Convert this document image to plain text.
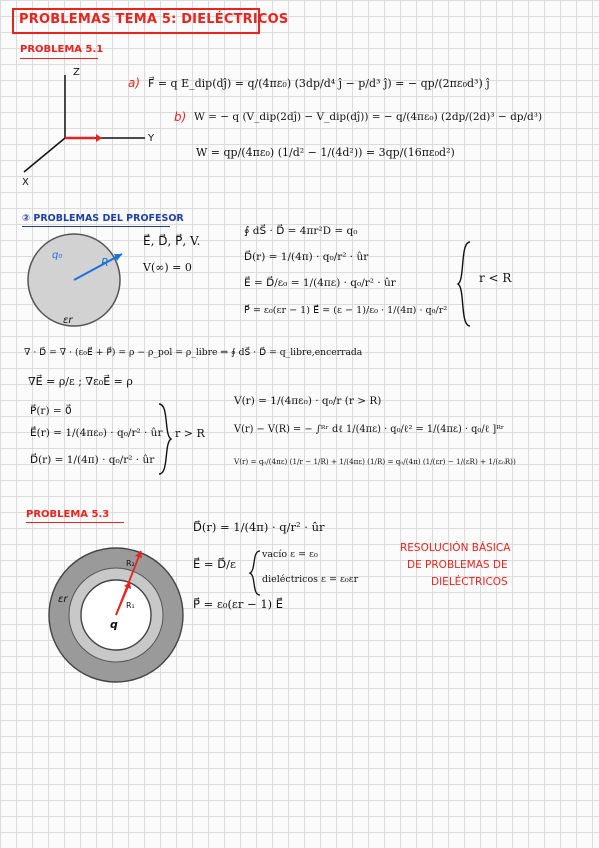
PROBLEMAS TEMA 5: DIELÉCTRICOS
PROBLEMA 5.1
Z
Y
X
a) F⃗ = q E_dip(dĵ) = q/(4πε₀) (3dp/d⁴ ĵ − p/d³ ĵ) = − qp/(2πε₀d³) ĵ
b) W = − q (V_dip(2dĵ) − V_dip(dĵ)) = − q/(4πε₀) (2dp/(2d)³ − dp/d³)
W = qp/(4πε₀) (1/d² − 1/(4d²)) = 3qp/(16πε₀d²)
② PROBLEMAS DEL PROFESOR
q₀
R
εr
E⃗, D⃗, P⃗, V.
V(∞) = 0
∮ dS⃗ · D⃗ = 4πr²D = q₀
D⃗(r) = 1/(4π) · q₀/r² · ûr
E⃗ = D⃗/ε₀ = 1/(4πε) · q₀/r² · ûr
P⃗ = ε₀(εr − 1) E⃗ = (ε − 1)/ε₀ · 1/(4π) · q₀/r²
r < R
∇ · D⃗ = ∇ · (ε₀E⃗ + P⃗) = ρ − ρ_pol = ρ_libre ⇒ ∮ dS⃗ · D⃗ = q_libre,encerrada
∇E⃗ = ρ/ε ; ∇ε₀E⃗ = ρ
P⃗(r) = 0⃗
E⃗(r) = 1/(4πε₀) · q₀/r² · ûr
D⃗(r) = 1/(4π) · q₀/r² · ûr
r > R
V(r) = 1/(4πε₀) · q₀/r (r > R)
V(r) − V(R) = − ∫ᴿʳ dℓ 1/(4πε) · q₀/ℓ² = 1/(4πε) · q₀/ℓ ]ᴿʳ
V(r) = q₀/(4πε) (1/r − 1/R) + 1/(4πε) (1/R) = q₀/(4π) (1/(εr) − 1/(εR) + 1/(ε₀R))
PROBLEMA 5.3
R₂
R₁
εr
q
D⃗(r) = 1/(4π) · q/r² · ûr
E⃗ = D⃗/ε
vacío ε = ε₀
dieléctricos ε = ε₀εr
P⃗ = ε₀(εr − 1) E⃗
RESOLUCIÓN BÁSICA
DE PROBLEMAS DE
DIELÉCTRICOS
